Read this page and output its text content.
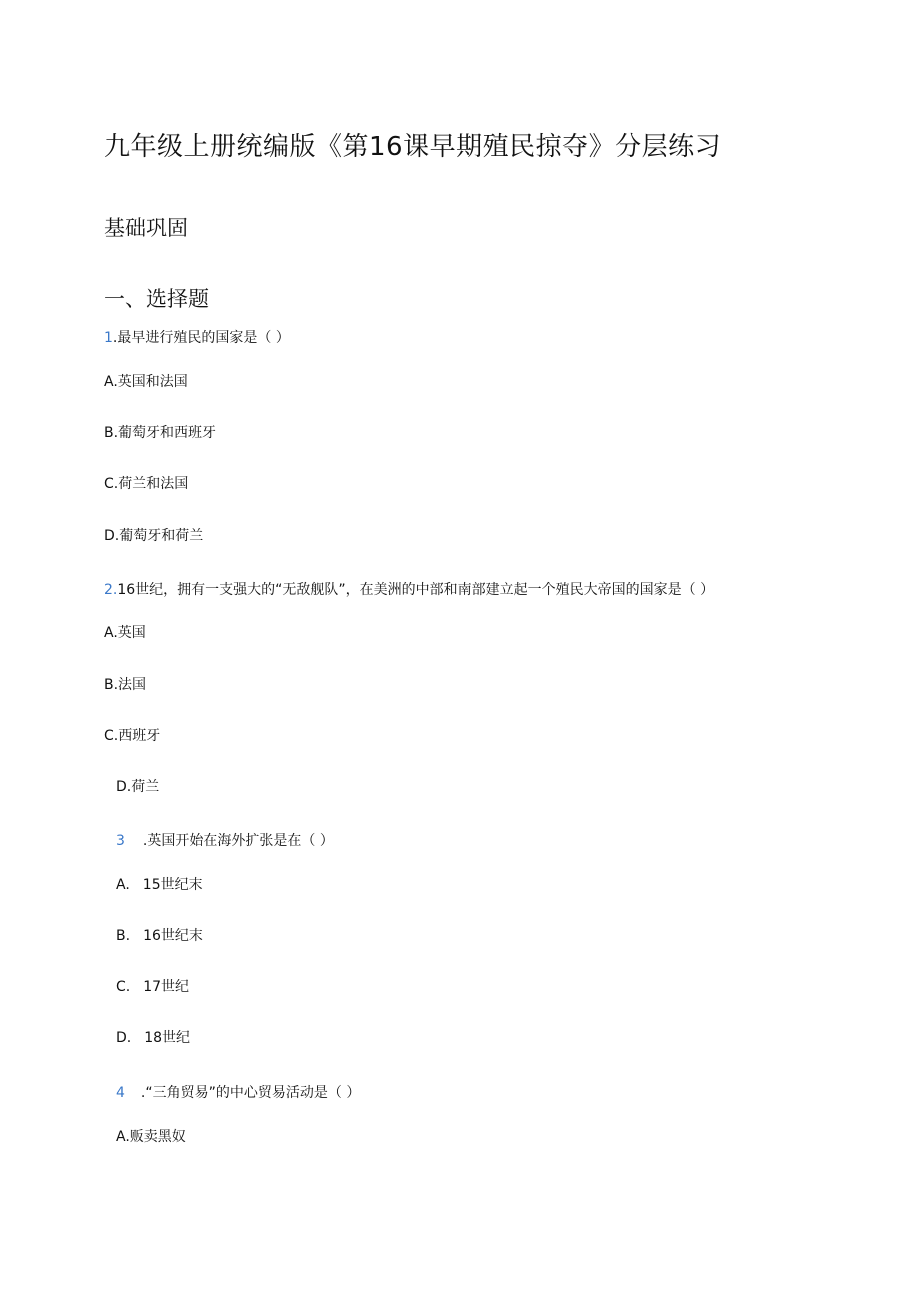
九年级上册统编版《第16课早期殖民掠夺》分层练习
基础巩固
一、选择题
1.最早进行殖民的国家是（ ）
A.英国和法国
B.葡萄牙和西班牙
C.荷兰和法国
D.葡萄牙和荷兰
2.16世纪，拥有一支强大的“无敌舰队”，在美洲的中部和南部建立起一个殖民大帝国的国家是（ ）
A.英国
B.法国
C.西班牙
D.荷兰
3 .英国开始在海外扩张是在（ ）
A. 15世纪末
B. 16世纪末
C. 17世纪
D. 18世纪
4 .“三角贸易”的中心贸易活动是（ ）
A.贩卖黑奴
